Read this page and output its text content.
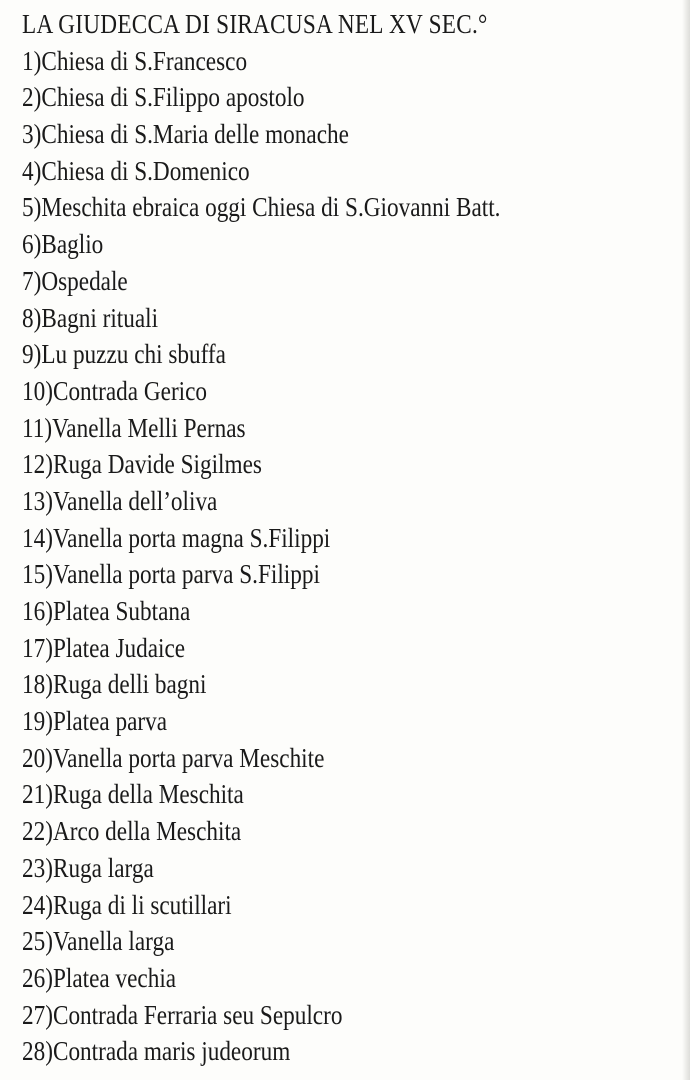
LA GIUDECCA DI SIRACUSA NEL XV SEC.°
1)Chiesa di S.Francesco
2)Chiesa di S.Filippo apostolo
3)Chiesa di S.Maria delle monache
4)Chiesa di S.Domenico
5)Meschita ebraica oggi Chiesa di S.Giovanni Batt.
6)Baglio
7)Ospedale
8)Bagni rituali
9)Lu puzzu chi sbuffa
10)Contrada Gerico
11)Vanella Melli Pernas
12)Ruga Davide Sigilmes
13)Vanella dell’oliva
14)Vanella porta magna S.Filippi
15)Vanella porta parva S.Filippi
16)Platea Subtana
17)Platea Judaice
18)Ruga delli bagni
19)Platea parva
20)Vanella porta parva Meschite
21)Ruga della Meschita
22)Arco della Meschita
23)Ruga larga
24)Ruga di li scutillari
25)Vanella larga
26)Platea vechia
27)Contrada Ferraria seu Sepulcro
28)Contrada maris judeorum
